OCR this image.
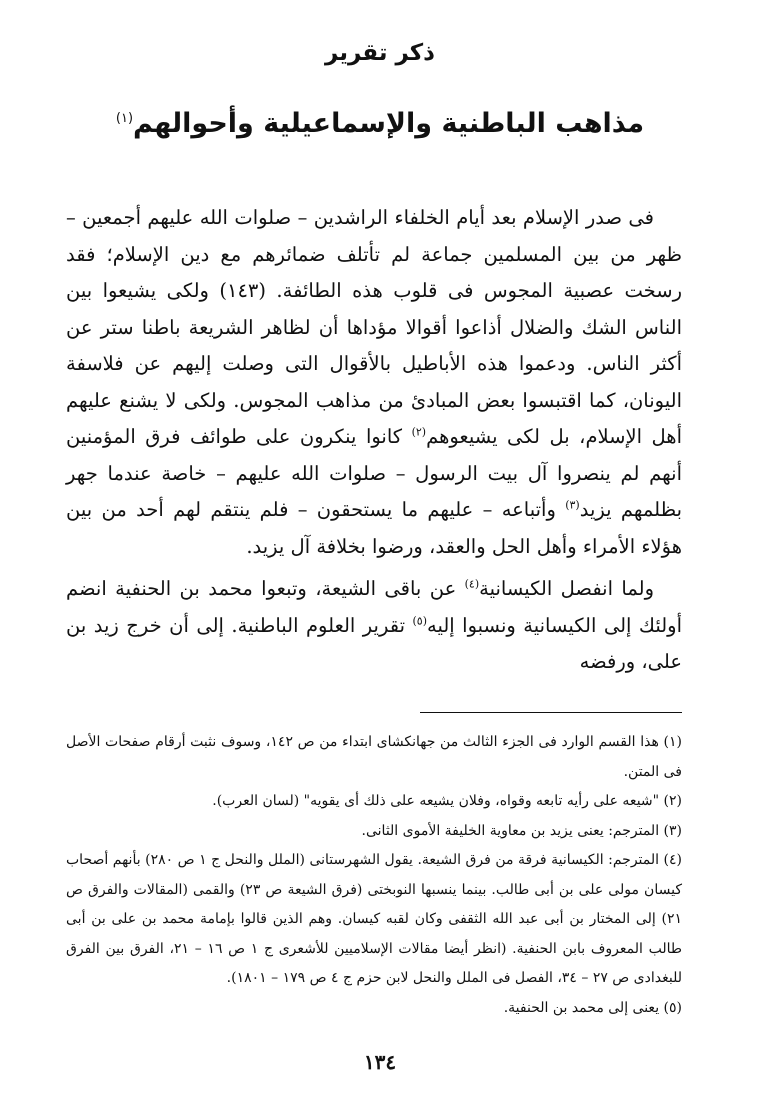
ذكر تقرير
مذاهب الباطنية والإسماعيلية وأحوالهم$^{(١)}$

فى صدر الإسلام بعد أيام الخلفاء الراشدين – صلوات الله عليهم أجمعين – ظهر من بين المسلمين جماعة لم تأتلف ضمائرهم مع دين الإسلام؛ فقد رسخت عصبية المجوس فى قلوب هذه الطائفة. (١٤٣) ولكى يشيعوا بين الناس الشك والضلال أذاعوا أقوالا مؤداها أن لظاهر الشريعة باطنا ستر عن أكثر الناس. ودعموا هذه الأباطيل بالأقوال التى وصلت إليهم عن فلاسفة اليونان، كما اقتبسوا بعض المبادئ من مذاهب المجوس. ولكى لا يشنع عليهم أهل الإسلام، بل لكى يشيعوهم$^{(٢)}$ كانوا ينكرون على طوائف فرق المؤمنين أنهم لم ينصروا آل بيت الرسول – صلوات الله عليهم – خاصة عندما جهر بظلمهم يزيد$^{(٣)}$ وأتباعه – عليهم ما يستحقون – فلم ينتقم لهم أحد من بين هؤلاء الأمراء وأهل الحل والعقد، ورضوا بخلافة آل يزيد.

ولما انفصل الكيسانية$^{(٤)}$ عن باقى الشيعة، وتبعوا محمد بن الحنفية انضم أولئك إلى الكيسانية ونسبوا إليه$^{(٥)}$ تقرير العلوم الباطنية. إلى أن خرج زيد بن على، ورفضه

(١) هذا القسم الوارد فى الجزء الثالث من جهانكشاى ابتداء من ص ١٤٢، وسوف نثبت أرقام صفحات الأصل فى المتن.

(٢) "شيعه على رأيه تابعه وقواه، وفلان يشيعه على ذلك أى يقويه" (لسان العرب).

(٣) المترجم: يعنى يزيد بن معاوية الخليفة الأموى الثانى.

(٤) المترجم: الكيسانية فرقة من فرق الشيعة. يقول الشهرستانى (الملل والنحل ج ١ ص ٢٨٠) بأنهم أصحاب كيسان مولى على بن أبى طالب. بينما ينسبها النوبختى (فرق الشيعة ص ٢٣) والقمى (المقالات والفرق ص ٢١) إلى المختار بن أبى عبد الله الثقفى وكان لقبه كيسان. وهم الذين قالوا بإمامة محمد بن على بن أبى طالب المعروف بابن الحنفية. (انظر أيضا مقالات الإسلاميين للأشعرى ج ١ ص ١٦ – ٢١، الفرق بين الفرق للبغدادى ص ٢٧ – ٣٤، الفصل فى الملل والنحل لابن حزم ج ٤ ص ١٧٩ – ١٨٠١).

(٥) يعنى إلى محمد بن الحنفية.

١٣٤
